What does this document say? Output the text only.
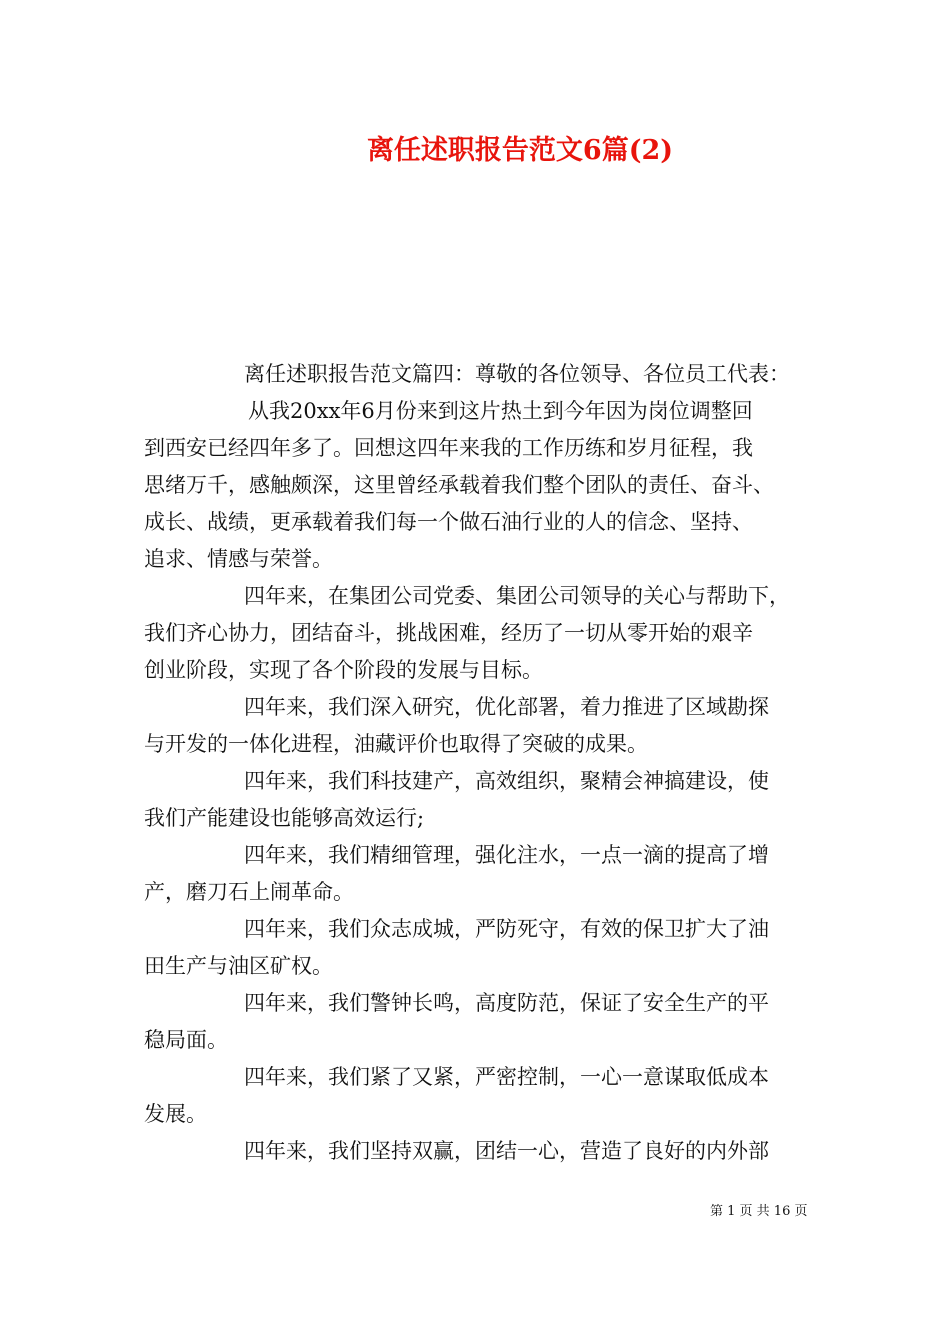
离任述职报告范文6篇(2)
离任述职报告范文篇四：尊敬的各位领导、各位员工代表：
从我20xx年6月份来到这片热土到今年因为岗位调整回
到西安已经四年多了。回想这四年来我的工作历练和岁月征程，我
思绪万千，感触颇深，这里曾经承载着我们整个团队的责任、奋斗、
成长、战绩，更承载着我们每一个做石油行业的人的信念、坚持、
追求、情感与荣誉。
四年来，在集团公司党委、集团公司领导的关心与帮助下，
我们齐心协力，团结奋斗，挑战困难，经历了一切从零开始的艰辛
创业阶段，实现了各个阶段的发展与目标。
四年来，我们深入研究，优化部署，着力推进了区域勘探
与开发的一体化进程，油藏评价也取得了突破的成果。
四年来，我们科技建产，高效组织，聚精会神搞建设，使
我们产能建设也能够高效运行;
四年来，我们精细管理，强化注水，一点一滴的提高了增
产，磨刀石上闹革命。
四年来，我们众志成城，严防死守，有效的保卫扩大了油
田生产与油区矿权。
四年来，我们警钟长鸣，高度防范，保证了安全生产的平
稳局面。
四年来，我们紧了又紧，严密控制，一心一意谋取低成本
发展。
四年来，我们坚持双赢，团结一心，营造了良好的内外部
第 1 页 共 16 页
